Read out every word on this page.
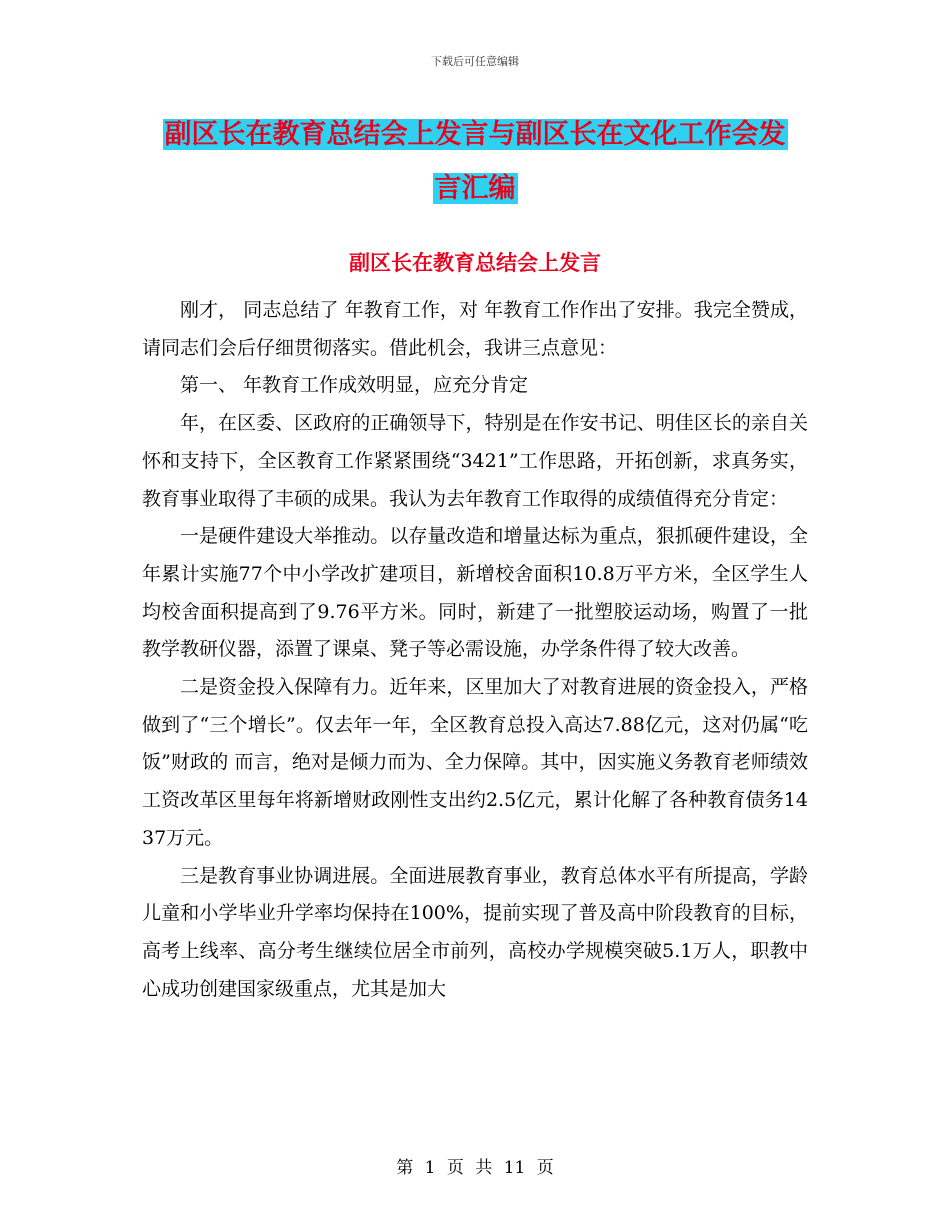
下载后可任意编辑
副区长在教育总结会上发言与副区长在文化工作会发
言汇编
副区长在教育总结会上发言

刚才， 同志总结了 年教育工作，对 年教育工作作出了安排。我完全赞成，请同志们会后仔细贯彻落实。借此机会，我讲三点意见：

第一、 年教育工作成效明显，应充分肯定

年，在区委、区政府的正确领导下，特别是在作安书记、明佳区长的亲自关怀和支持下，全区教育工作紧紧围绕“3421”工作思路，开拓创新，求真务实，教育事业取得了丰硕的成果。我认为去年教育工作取得的成绩值得充分肯定：

一是硬件建设大举推动。以存量改造和增量达标为重点，狠抓硬件建设，全年累计实施77个中小学改扩建项目，新增校舍面积10.8万平方米，全区学生人均校舍面积提高到了9.76平方米。同时，新建了一批塑胶运动场，购置了一批教学教研仪器，添置了课桌、凳子等必需设施，办学条件得了较大改善。

二是资金投入保障有力。近年来，区里加大了对教育进展的资金投入，严格做到了“三个增长”。仅去年一年，全区教育总投入高达7.88亿元，这对仍属“吃饭”财政的 而言，绝对是倾力而为、全力保障。其中，因实施义务教育老师绩效工资改革区里每年将新增财政刚性支出约2.5亿元，累计化解了各种教育债务1437万元。

三是教育事业协调进展。全面进展教育事业，教育总体水平有所提高，学龄儿童和小学毕业升学率均保持在100%，提前实现了普及高中阶段教育的目标，高考上线率、高分考生继续位居全市前列，高校办学规模突破5.1万人，职教中心成功创建国家级重点，尤其是加大

第 1 页 共 11 页
